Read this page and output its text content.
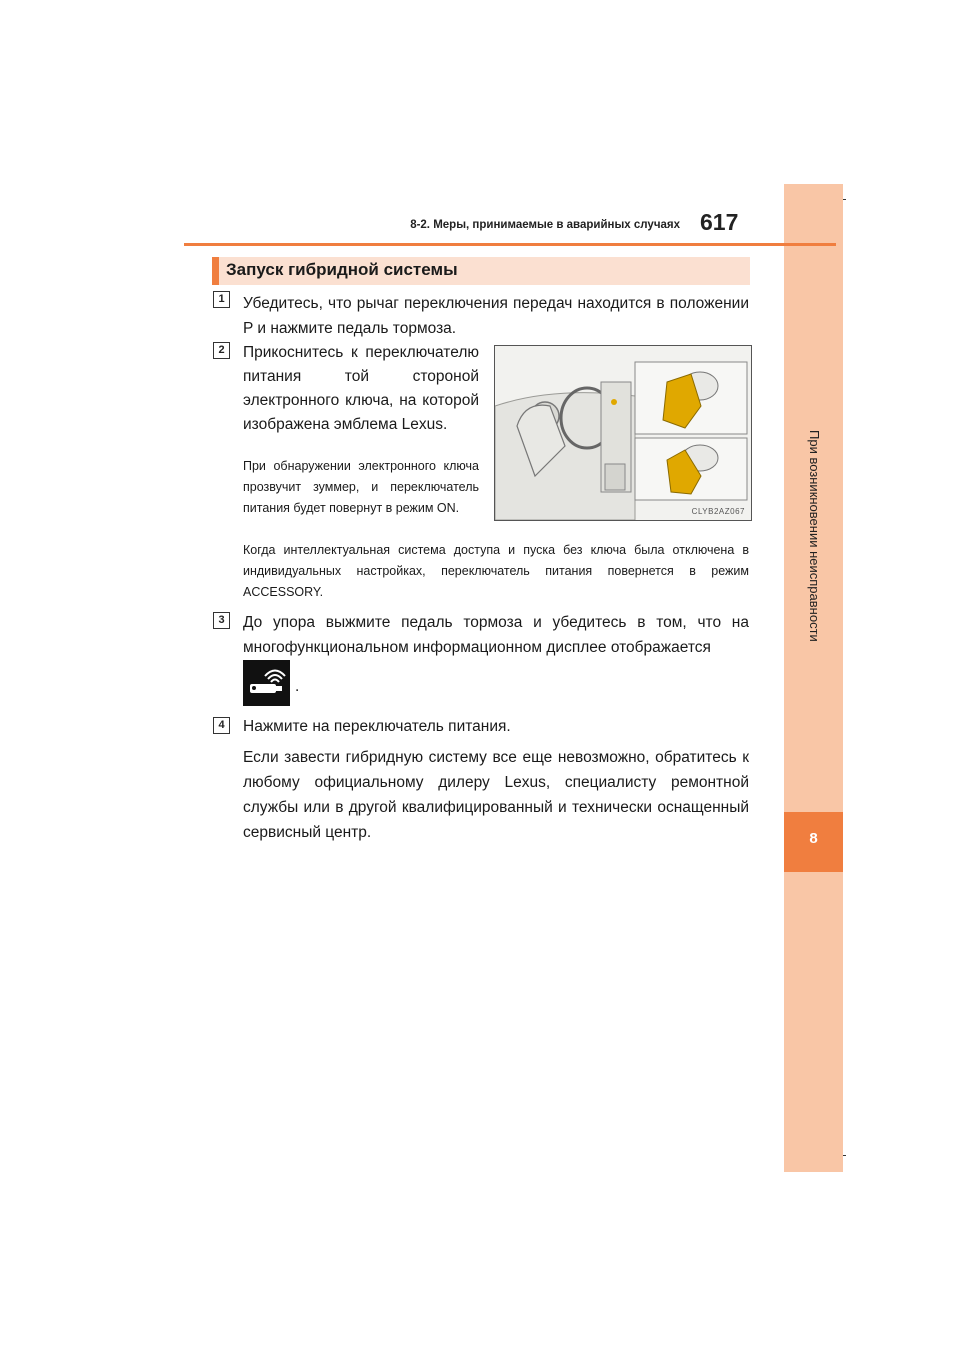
8
При возникновении неисправности
8-2. Меры, принимаемые в аварийных случаях 617
Запуск гибридной системы
1	Убедитесь, что рычаг переключения передач находится в положении P и нажмите педаль тормоза.
2	Прикоснитесь к переключателю питания той стороной электронного ключа, на которой изображена эмблема Lexus.
При обнаружении электронного ключа прозвучит зуммер, и переключатель питания будет повернут в режим ON.	CLYB2AZ067
Когда интеллектуальная система доступа и пуска без ключа была отключена в индивидуальных настройках, переключатель питания повернется в режим ACCESSORY.
3	До упора выжмите педаль тормоза и убедитесь в том, что на многофункциональном информационном дисплее отображается
.
4	Нажмите на переключатель питания.
Если завести гибридную систему все еще невозможно, обратитесь к любому официальному дилеру Lexus, специалисту ремонтной службы или в другой квалифицированный и технически оснащенный сервисный центр.
